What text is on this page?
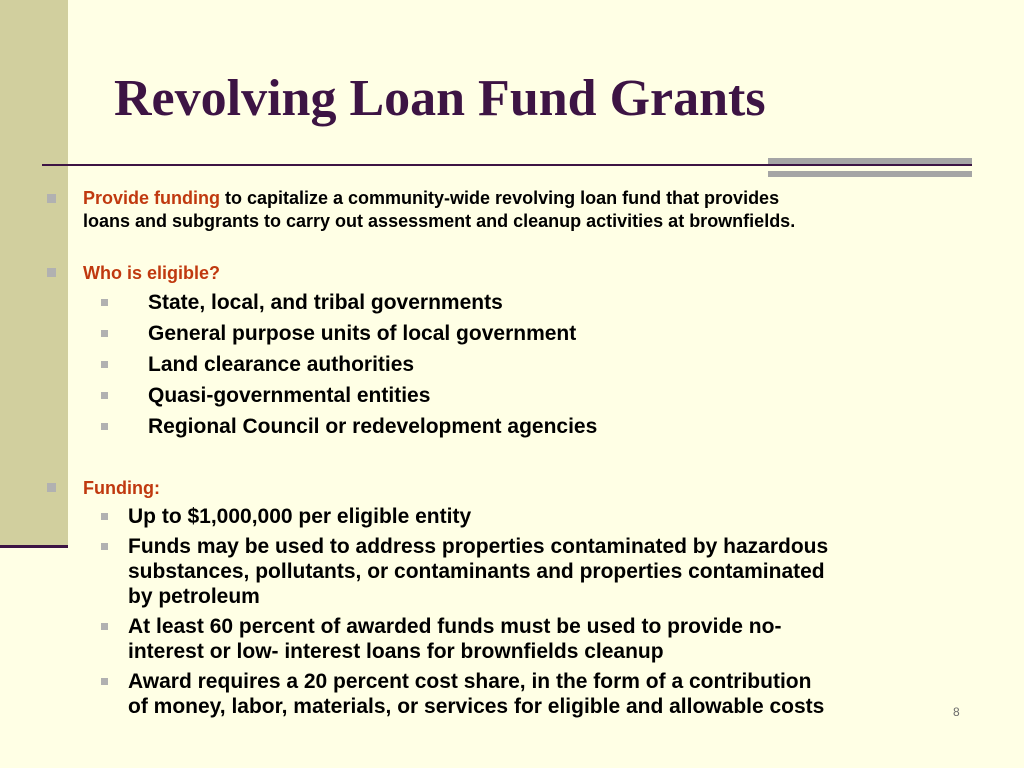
Revolving Loan Fund Grants

Provide funding to capitalize a community-wide revolving loan fund that provides

loans and subgrants to carry out assessment and cleanup activities at brownfields.

Who is eligible?

State, local, and tribal governments

General purpose units of local government

Land clearance authorities

Quasi-governmental entities

Regional Council or redevelopment agencies

Funding:

Up to $1,000,000 per eligible entity

Funds may be used to address properties contaminated by hazardous

substances, pollutants, or contaminants and properties contaminated

by petroleum

At least 60 percent of awarded funds must be used to provide no-

interest or low- interest loans for brownfields cleanup

Award requires a 20 percent cost share, in the form of a contribution

of money, labor, materials, or services for eligible and allowable costs	8
